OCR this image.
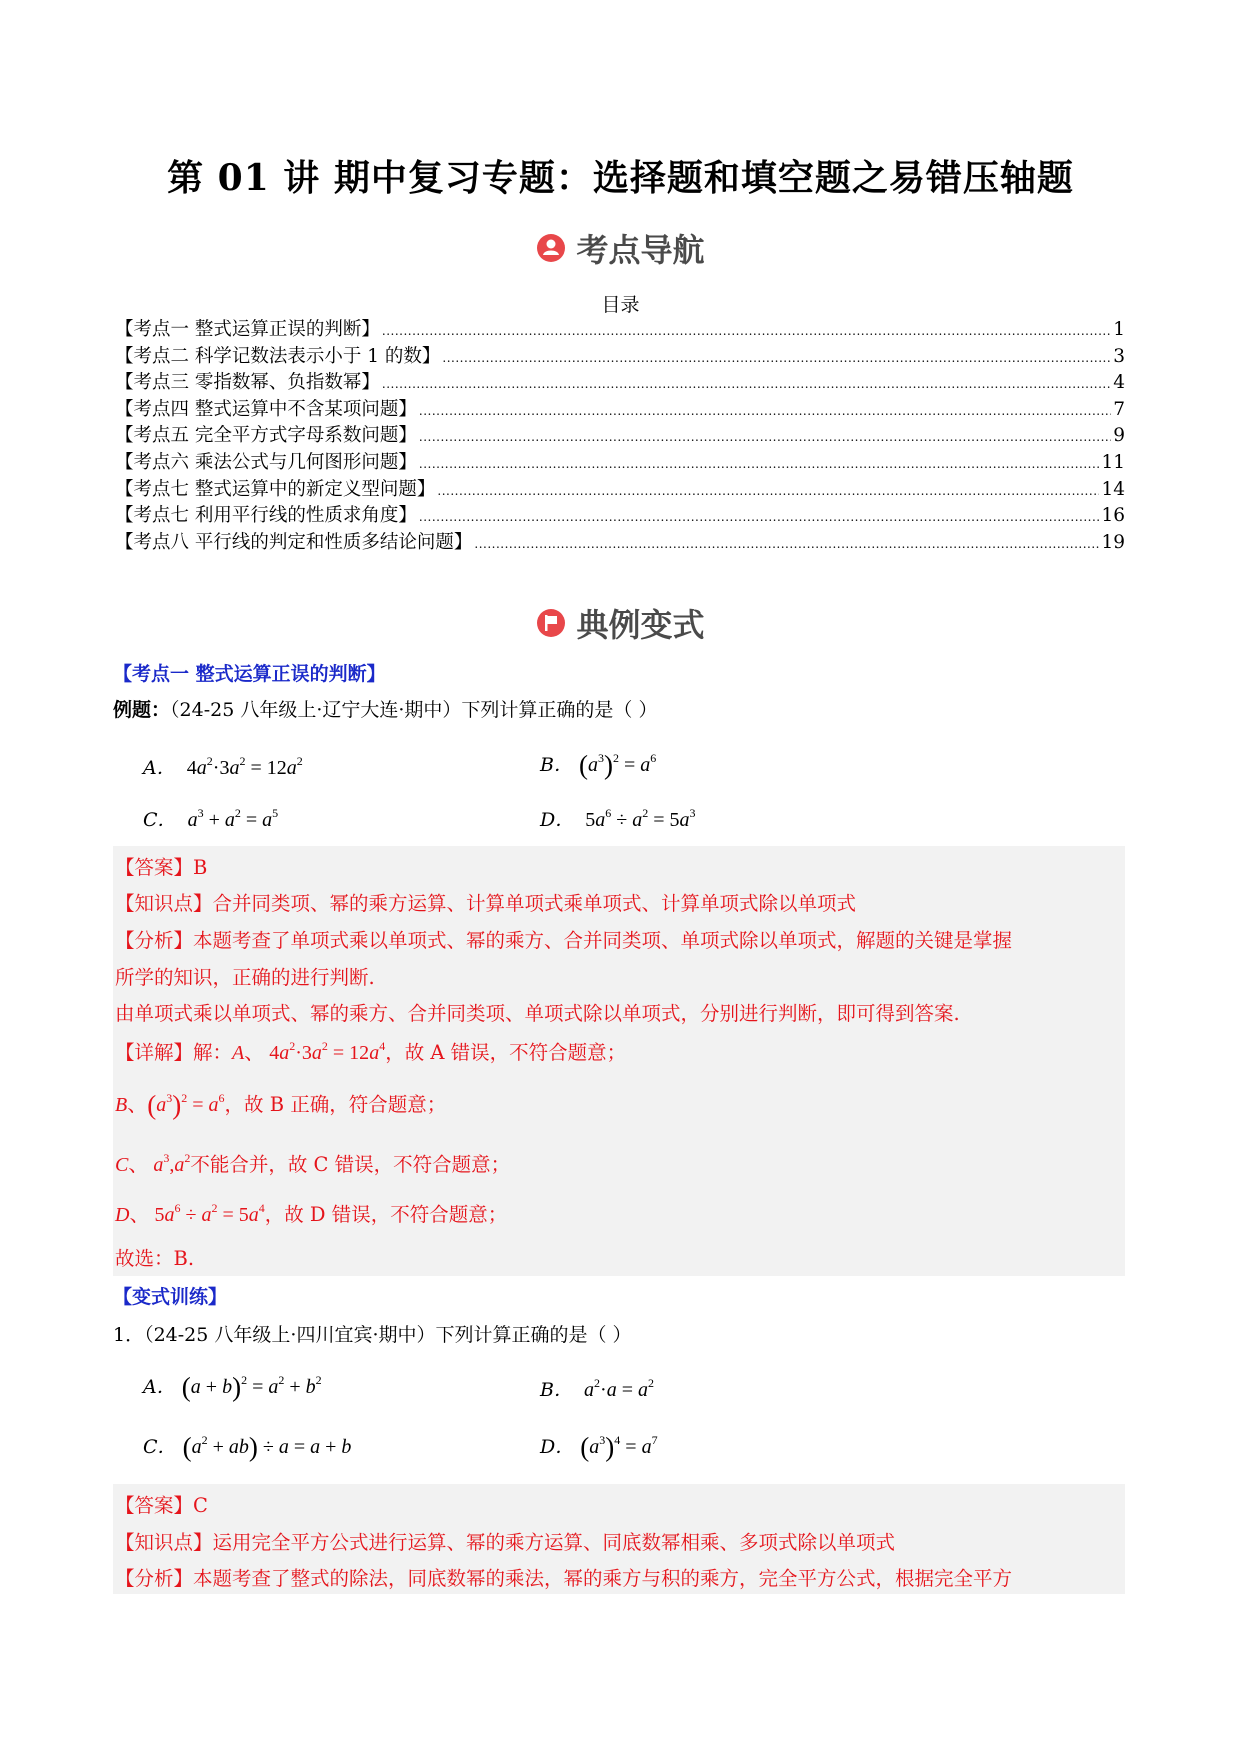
第 01 讲 期中复习专题：选择题和填空题之易错压轴题
考点导航
目录
【考点一 整式运算正误的判断】 .....	1
【考点二 科学记数法表示小于 1 的数】 .....	3
【考点三 零指数幂、负指数幂】 .....	4
【考点四 整式运算中不含某项问题】 .....	7
【考点五 完全平方式字母系数问题】 .....	9
【考点六 乘法公式与几何图形问题】 .....	11
【考点七 整式运算中的新定义型问题】 .....	14
【考点七 利用平行线的性质求角度】 .....	16
【考点八 平行线的判定和性质多结论问题】 .....	19
典例变式
【考点一 整式运算正误的判断】
例题：（24-25 八年级上·辽宁大连·期中）下列计算正确的是（ ）
A．  $4a^2\cdot 3a^2 = 12a^2$	B． $(a^3)^2 = a^6$
C． $a^3 + a^2 = a^5$	D．  $5a^6 \div a^2 = 5a^3$
【答案】B
【知识点】合并同类项、幂的乘方运算、计算单项式乘单项式、计算单项式除以单项式
【分析】本题考查了单项式乘以单项式、幂的乘方、合并同类项、单项式除以单项式，解题的关键是掌握
所学的知识，正确的进行判断.
由单项式乘以单项式、幂的乘方、合并同类项、单项式除以单项式，分别进行判断，即可得到答案.
【详解】解：A、 $4a^2\cdot 3a^2 = 12a^4$，故 A 错误，不符合题意；
B、$(a^3)^2 = a^6$，故 B 正确，符合题意；
C、 $a^3,a^2$不能合并，故 C 错误，不符合题意；
D、 $5a^6 \div a^2 = 5a^4$，故 D 错误，不符合题意；
故选：B.
【变式训练】
1．（24-25 八年级上·四川宜宾·期中）下列计算正确的是（ ）
A． $(a + b)^2 = a^2 + b^2$	B． $a^2\cdot a = a^2$
C． $(a^2 + ab) \div a = a + b$	D． $(a^3)^4 = a^7$
【答案】C
【知识点】运用完全平方公式进行运算、幂的乘方运算、同底数幂相乘、多项式除以单项式
【分析】本题考查了整式的除法，同底数幂的乘法，幂的乘方与积的乘方，完全平方公式，根据完全平方
